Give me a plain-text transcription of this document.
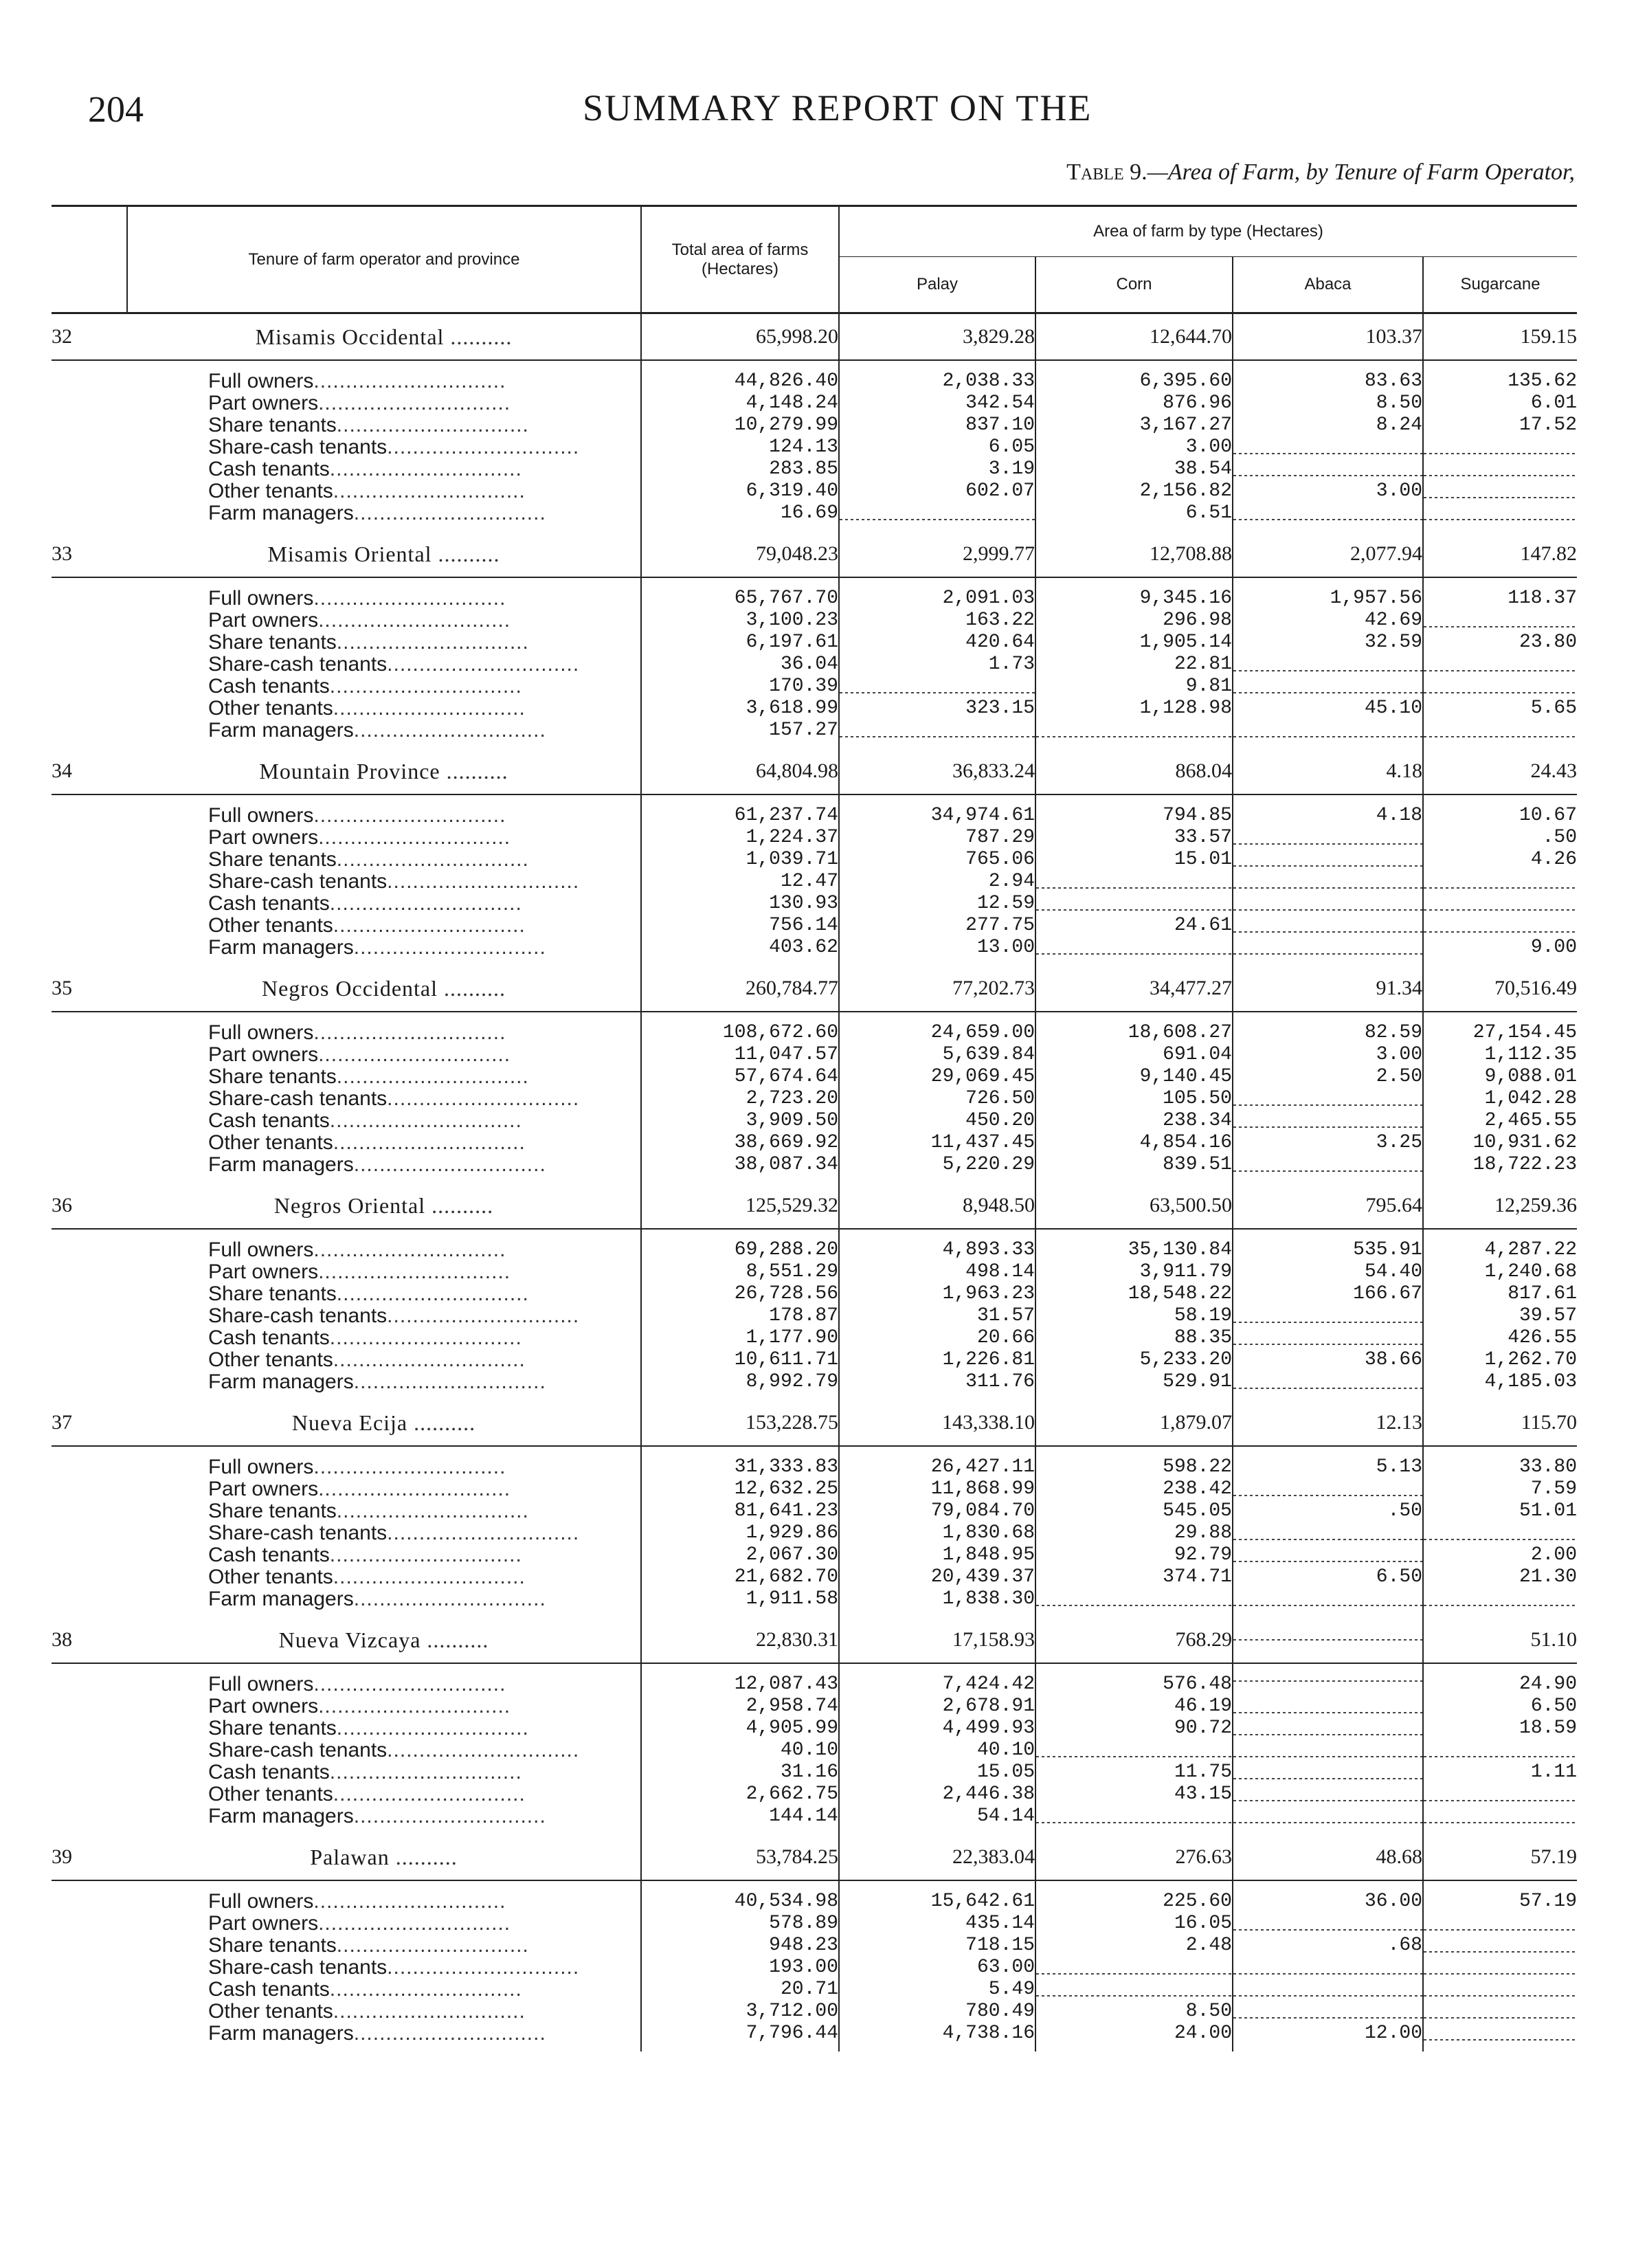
204	SUMMARY REPORT ON THE
Table 9.—Area of Farm, by Tenure of Farm Operator,
	Tenure of farm operator and province	Total area of farms (Hectares)	Area of farm by type (Hectares)			
			Palay	Corn	Abaca	Sugarcane
32	Misamis Occidental ..........	65,998.20	3,829.28	12,644.70	103.37	159.15
	Full owners..............................	44,826.40	2,038.33	6,395.60	83.63	135.62
	Part owners..............................	4,148.24	342.54	876.96	8.50	6.01
	Share tenants..............................	10,279.99	837.10	3,167.27	8.24	17.52
	Share-cash tenants..............................	124.13	6.05	3.00		
	Cash tenants..............................	283.85	3.19	38.54		
	Other tenants..............................	6,319.40	602.07	2,156.82	3.00	
	Farm managers..............................	16.69		6.51		
33	Misamis Oriental ..........	79,048.23	2,999.77	12,708.88	2,077.94	147.82
	Full owners..............................	65,767.70	2,091.03	9,345.16	1,957.56	118.37
	Part owners..............................	3,100.23	163.22	296.98	42.69	
	Share tenants..............................	6,197.61	420.64	1,905.14	32.59	23.80
	Share-cash tenants..............................	36.04	1.73	22.81		
	Cash tenants..............................	170.39		9.81		
	Other tenants..............................	3,618.99	323.15	1,128.98	45.10	5.65
	Farm managers..............................	157.27				
34	Mountain Province ..........	64,804.98	36,833.24	868.04	4.18	24.43
	Full owners..............................	61,237.74	34,974.61	794.85	4.18	10.67
	Part owners..............................	1,224.37	787.29	33.57		.50
	Share tenants..............................	1,039.71	765.06	15.01		4.26
	Share-cash tenants..............................	12.47	2.94			
	Cash tenants..............................	130.93	12.59			
	Other tenants..............................	756.14	277.75	24.61		
	Farm managers..............................	403.62	13.00			9.00
35	Negros Occidental ..........	260,784.77	77,202.73	34,477.27	91.34	70,516.49
	Full owners..............................	108,672.60	24,659.00	18,608.27	82.59	27,154.45
	Part owners..............................	11,047.57	5,639.84	691.04	3.00	1,112.35
	Share tenants..............................	57,674.64	29,069.45	9,140.45	2.50	9,088.01
	Share-cash tenants..............................	2,723.20	726.50	105.50		1,042.28
	Cash tenants..............................	3,909.50	450.20	238.34		2,465.55
	Other tenants..............................	38,669.92	11,437.45	4,854.16	3.25	10,931.62
	Farm managers..............................	38,087.34	5,220.29	839.51		18,722.23
36	Negros Oriental ..........	125,529.32	8,948.50	63,500.50	795.64	12,259.36
	Full owners..............................	69,288.20	4,893.33	35,130.84	535.91	4,287.22
	Part owners..............................	8,551.29	498.14	3,911.79	54.40	1,240.68
	Share tenants..............................	26,728.56	1,963.23	18,548.22	166.67	817.61
	Share-cash tenants..............................	178.87	31.57	58.19		39.57
	Cash tenants..............................	1,177.90	20.66	88.35		426.55
	Other tenants..............................	10,611.71	1,226.81	5,233.20	38.66	1,262.70
	Farm managers..............................	8,992.79	311.76	529.91		4,185.03
37	Nueva Ecija ..........	153,228.75	143,338.10	1,879.07	12.13	115.70
	Full owners..............................	31,333.83	26,427.11	598.22	5.13	33.80
	Part owners..............................	12,632.25	11,868.99	238.42		7.59
	Share tenants..............................	81,641.23	79,084.70	545.05	.50	51.01
	Share-cash tenants..............................	1,929.86	1,830.68	29.88		
	Cash tenants..............................	2,067.30	1,848.95	92.79		2.00
	Other tenants..............................	21,682.70	20,439.37	374.71	6.50	21.30
	Farm managers..............................	1,911.58	1,838.30			
38	Nueva Vizcaya ..........	22,830.31	17,158.93	768.29		51.10
	Full owners..............................	12,087.43	7,424.42	576.48		24.90
	Part owners..............................	2,958.74	2,678.91	46.19		6.50
	Share tenants..............................	4,905.99	4,499.93	90.72		18.59
	Share-cash tenants..............................	40.10	40.10			
	Cash tenants..............................	31.16	15.05	11.75		1.11
	Other tenants..............................	2,662.75	2,446.38	43.15		
	Farm managers..............................	144.14	54.14			
39	Palawan ..........	53,784.25	22,383.04	276.63	48.68	57.19
	Full owners..............................	40,534.98	15,642.61	225.60	36.00	57.19
	Part owners..............................	578.89	435.14	16.05		
	Share tenants..............................	948.23	718.15	2.48	.68	
	Share-cash tenants..............................	193.00	63.00			
	Cash tenants..............................	20.71	5.49			
	Other tenants..............................	3,712.00	780.49	8.50		
	Farm managers..............................	7,796.44	4,738.16	24.00	12.00	
